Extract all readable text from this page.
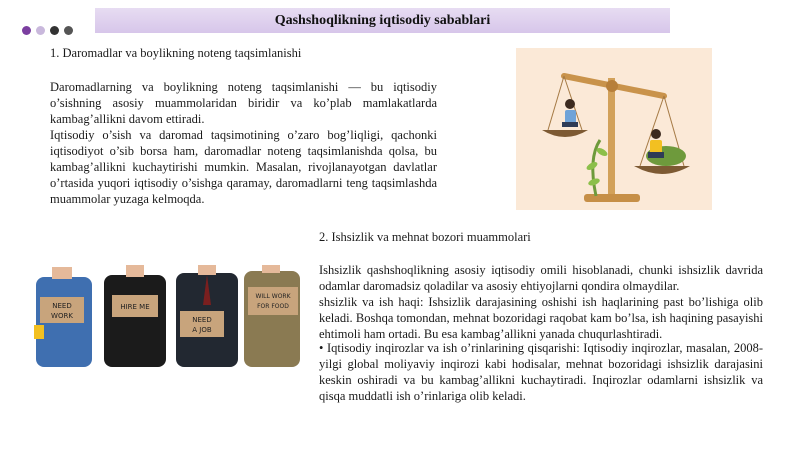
Qashshoqlikning iqtisodiy sabablari
1. Daromadlar va boylikning noteng taqsimlanishi

Daromadlarning va boylikning noteng taqsimlanishi — bu iqtisodiy o’sishning asosiy muammolaridan biridir va ko’plab mamlakatlarda kambag’allikni davom ettiradi.

Iqtisodiy o’sish va daromad taqsimotining o’zaro bog’liqligi, qachonki iqtisodiyot o’sib borsa ham, daromadlar noteng taqsimlanishda qolsa, bu kambag’allikni kuchaytirishi mumkin. Masalan, rivojlanayotgan davlatlar o’rtasida yuqori iqtisodiy o’sishga qaramay, daromadlarni teng taqsimlashda muammolar yuzaga kelmoqda.

2. Ishsizlik va mehnat bozori muammolari

Ishsizlik qashshoqlikning asosiy iqtisodiy omili hisoblanadi, chunki ishsizlik davrida odamlar daromadsiz qoladilar va asosiy ehtiyojlarni qondira olmaydilar.

shsizlik va ish haqi: Ishsizlik darajasining oshishi ish haqlarining past bo’lishiga olib keladi. Boshqa tomondan, mehnat bozoridagi raqobat kam bo’lsa, ish haqining pasayishi ehtimoli ham ortadi. Bu esa kambag’allikni yanada chuqurlashtiradi.

• Iqtisodiy inqirozlar va ish o’rinlarining qisqarishi: Iqtisodiy inqirozlar, masalan, 2008-yilgi global moliyaviy inqirozi kabi hodisalar, mehnat bozoridagi ishsizlik darajasini keskin oshiradi va bu kambag’allikni kuchaytiradi. Inqirozlar odamlarni ishsizlik va qisqa muddatli ish o’rinlariga olib keladi.

NEED
WORK
HIRE ME
NEED
A JOB
WILL WORK
FOR FOOD
